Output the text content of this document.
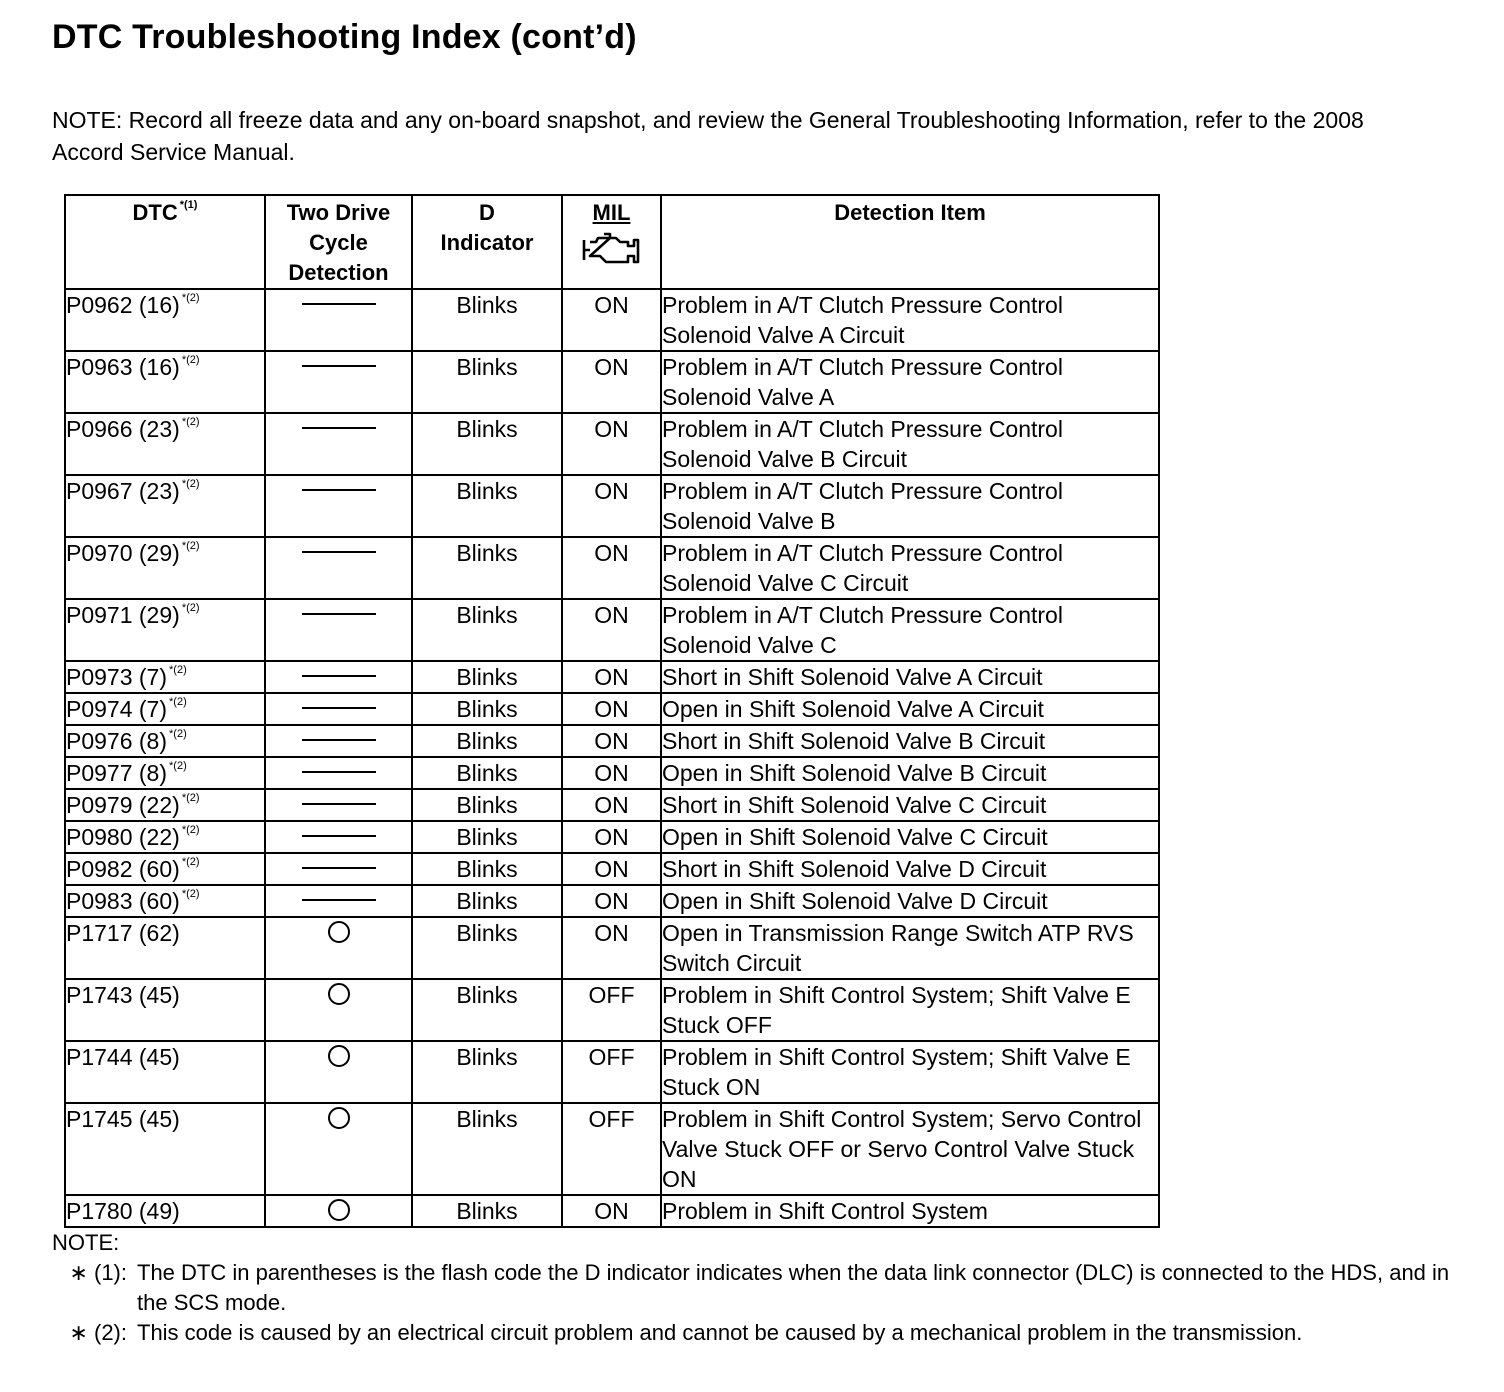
DTC Troubleshooting Index (cont’d)
NOTE: Record all freeze data and any on-board snapshot, and review the General Troubleshooting Information, refer to the 2008 Accord Service Manual.
DTC $^{*(1)}$	Two Drive Cycle Detection	D Indicator	MIL	Detection Item
P0962 (16) $^{*(2)}$		Blinks	ON	Problem in A/T Clutch Pressure Control Solenoid Valve A Circuit
P0963 (16) $^{*(2)}$		Blinks	ON	Problem in A/T Clutch Pressure Control Solenoid Valve A
P0966 (23) $^{*(2)}$		Blinks	ON	Problem in A/T Clutch Pressure Control Solenoid Valve B Circuit
P0967 (23) $^{*(2)}$		Blinks	ON	Problem in A/T Clutch Pressure Control Solenoid Valve B
P0970 (29) $^{*(2)}$		Blinks	ON	Problem in A/T Clutch Pressure Control Solenoid Valve C Circuit
P0971 (29) $^{*(2)}$		Blinks	ON	Problem in A/T Clutch Pressure Control Solenoid Valve C
P0973 (7) $^{*(2)}$		Blinks	ON	Short in Shift Solenoid Valve A Circuit
P0974 (7) $^{*(2)}$		Blinks	ON	Open in Shift Solenoid Valve A Circuit
P0976 (8) $^{*(2)}$		Blinks	ON	Short in Shift Solenoid Valve B Circuit
P0977 (8) $^{*(2)}$		Blinks	ON	Open in Shift Solenoid Valve B Circuit
P0979 (22) $^{*(2)}$		Blinks	ON	Short in Shift Solenoid Valve C Circuit
P0980 (22) $^{*(2)}$		Blinks	ON	Open in Shift Solenoid Valve C Circuit
P0982 (60) $^{*(2)}$		Blinks	ON	Short in Shift Solenoid Valve D Circuit
P0983 (60) $^{*(2)}$		Blinks	ON	Open in Shift Solenoid Valve D Circuit
P1717 (62)		Blinks	ON	Open in Transmission Range Switch ATP RVS Switch Circuit
P1743 (45)		Blinks	OFF	Problem in Shift Control System; Shift Valve E Stuck OFF
P1744 (45)		Blinks	OFF	Problem in Shift Control System; Shift Valve E Stuck ON
P1745 (45)		Blinks	OFF	Problem in Shift Control System; Servo Control Valve Stuck OFF or Servo Control Valve Stuck ON
P1780 (49)		Blinks	ON	Problem in Shift Control System
NOTE:
∗ (1): The DTC in parentheses is the flash code the D indicator indicates when the data link connector (DLC) is connected to the HDS, and in the SCS mode.
∗ (2): This code is caused by an electrical circuit problem and cannot be caused by a mechanical problem in the transmission.
